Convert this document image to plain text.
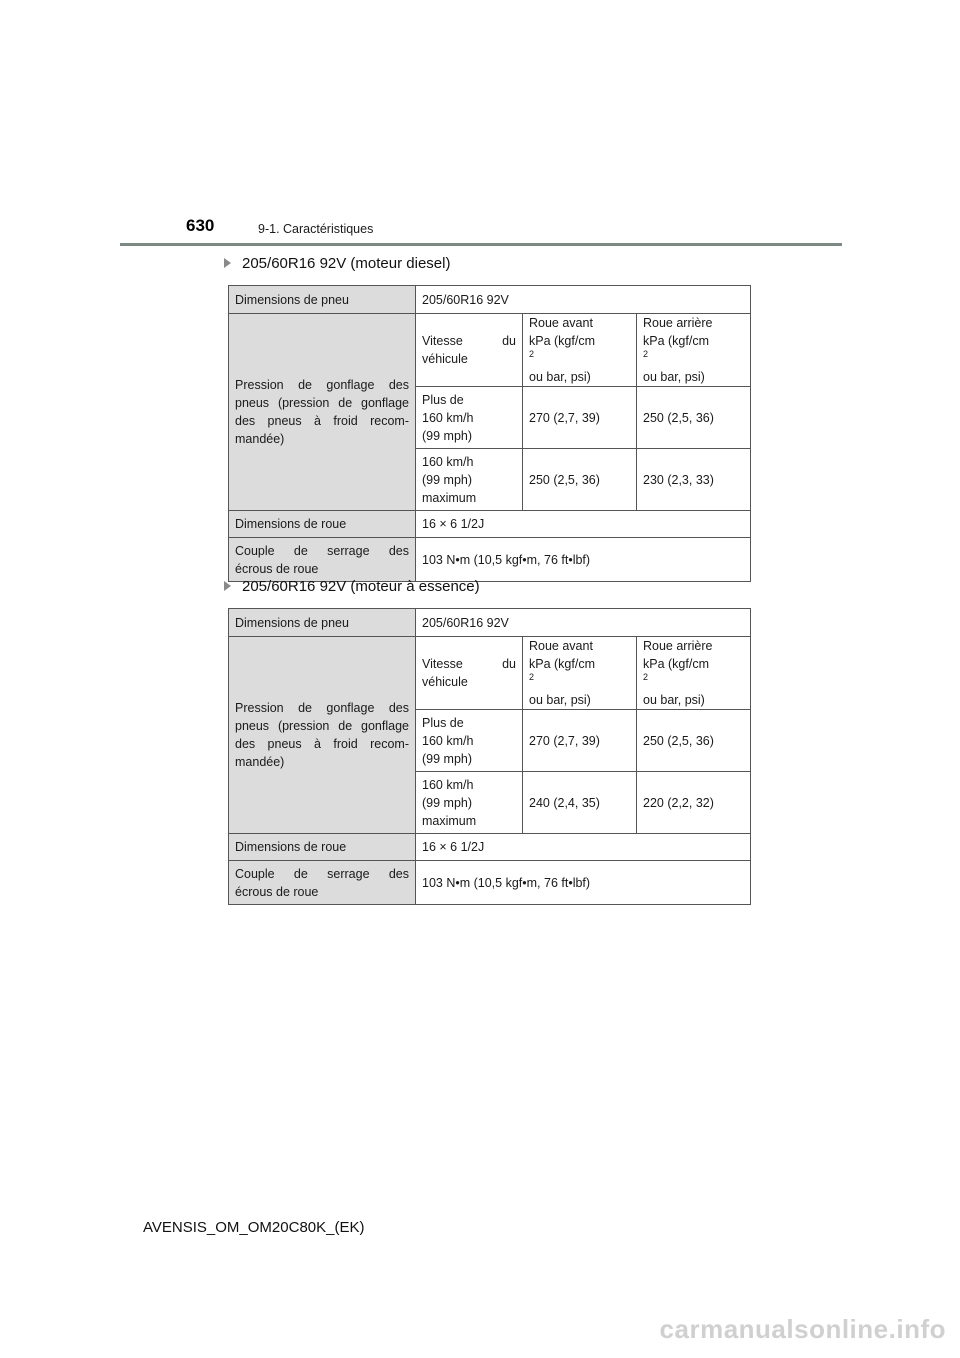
630	9-1. Caractéristiques
205/60R16 92V (moteur diesel)
Dimensions de pneu	205/60R16 92V		
Pression de gonflage des pneus (pression de gonflage des pneus à froid recom-
mandée)	Vitesse du
véhicule	Roue avant
kPa (kgf/cm
$^2$
ou bar, psi)	Roue arrière
kPa (kgf/cm
$^2$
ou bar, psi)

	Plus de
160 km/h
(99 mph)	270 (2,7, 39)	250 (2,5, 36)

	160 km/h
(99 mph)
maximum	250 (2,5, 36)	230 (2,3, 33)
Dimensions de roue	16 × 6 1/2J		
Couple de serrage des
écrous de roue	103 N•m (10,5 kgf•m, 76 ft•lbf)		
205/60R16 92V (moteur à essence)
Dimensions de pneu	205/60R16 92V		
Pression de gonflage des pneus (pression de gonflage des pneus à froid recom-
mandée)	Vitesse du
véhicule	Roue avant
kPa (kgf/cm
$^2$
ou bar, psi)	Roue arrière
kPa (kgf/cm
$^2$
ou bar, psi)

	Plus de
160 km/h
(99 mph)	270 (2,7, 39)	250 (2,5, 36)

	160 km/h
(99 mph)
maximum	240 (2,4, 35)	220 (2,2, 32)
Dimensions de roue	16 × 6 1/2J		
Couple de serrage des
écrous de roue	103 N•m (10,5 kgf•m, 76 ft•lbf)		
AVENSIS_OM_OM20C80K_(EK)
carmanualsonline.info
